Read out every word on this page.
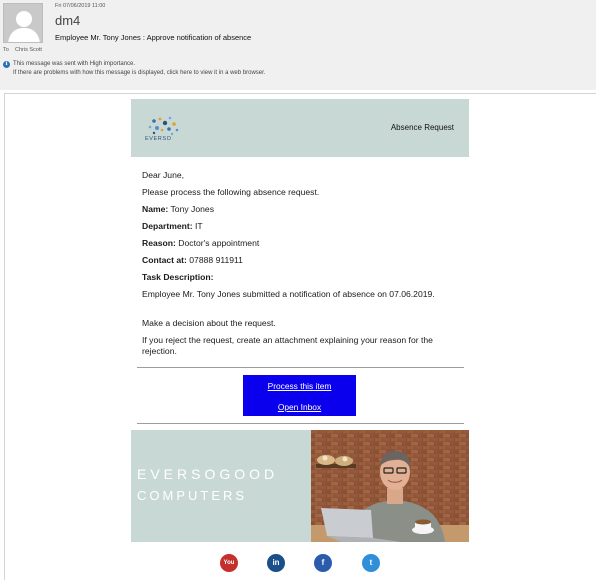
Fri 07/06/2019 11:00
dm4
Employee Mr. Tony Jones : Approve notification of absence
To Chris Scott
i This message was sent with High importance.
If there are problems with how this message is displayed, click here to view it in a web browser.
EVERSO
Absence Request
Dear June,
Please process the following absence request.
Name: Tony Jones
Department: IT
Reason: Doctor's appointment
Contact at: 07888 911911
Task Description:
Employee Mr. Tony Jones submitted a notification of absence on 07.06.2019.
Make a decision about the request.
If you reject the request, create an attachment explaining your reason for the rejection.
Process this item
Open Inbox
EVERSOGOOD
COMPUTERS
You	in	f	t
